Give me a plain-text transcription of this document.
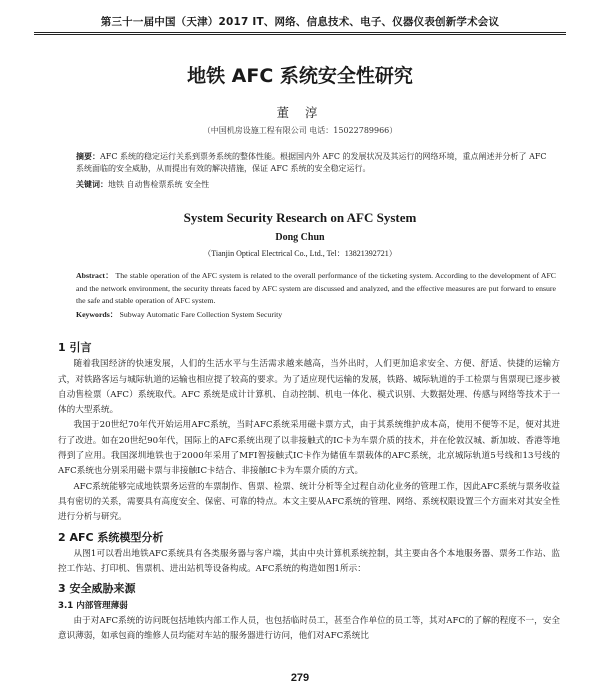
第三十一届中国（天津）2017 IT、网络、信息技术、电子、仪器仪表创新学术会议
地铁 AFC 系统安全性研究
董 淳
（中国机房设施工程有限公司 电话：15022789966）
摘要：AFC 系统的稳定运行关系到票务系统的整体性能。根据国内外 AFC 的发展状况及其运行的网络环境，重点阐述并分析了 AFC 系统面临的安全威胁，从而提出有效的解决措施，保证 AFC 系统的安全稳定运行。
关键词：地铁 自动售检票系统 安全性
System Security Research on AFC System
Dong Chun
（Tianjin Optical Electrical Co., Ltd., Tel：13821392721）
Abstract： The stable operation of the AFC system is related to the overall performance of the ticketing system. According to the development of AFC and the network environment, the security threats faced by AFC system are discussed and analyzed, and the effective measures are put forward to ensure the safe and stable operation of AFC system.
Keywords： Subway Automatic Fare Collection System Security
1 引言

随着我国经济的快速发展，人们的生活水平与生活需求越来越高，当外出时，人们更加追求安全、方便、舒适、快捷的运输方式，对铁路客运与城际轨道的运输也相应提了较高的要求。为了适应现代运输的发展，铁路、城际轨道的手工检票与售票现已逐步被自动售检票（AFC）系统取代。AFC 系统是成计计算机、自动控制、机电一体化、模式识别、大数据处理、传感与网络等技术于一体的大型系统。

我国于20世纪70年代开始运用AFC系统，当时AFC系统采用磁卡票方式，由于其系统维护成本高，使用不便等不足，便对其进行了改进。如在20世纪90年代，国际上的AFC系统出现了以非接触式的IC卡为车票介质的技术，并在伦敦汉城、新加坡、香港等地得到了应用。我国深圳地铁也于2000年采用了MFI智接触式IC卡作为储值车票载体的AFC系统，北京城际轨道5号线和13号线的AFC系统也分别采用磁卡票与非接触IC卡结合、非接触IC卡为车票介质的方式。

AFC系统能够完成地铁票务运营的车票制作、售票、检票、统计分析等全过程自动化业务的管理工作，因此AFC系统与票务收益具有密切的关系，需要具有高度安全、保密、可靠的特点。本文主要从AFC系统的管理、网络、系统权限设置三个方面来对其安全性进行分析与研究。

2 AFC 系统模型分析

从图1可以看出地铁AFC系统具有各类服务器与客户端，其由中央计算机系统控制，其主要由各个本地服务器、票务工作站、监控工作站、打印机、售票机、进出站机等设备构成。AFC系统的构造如图1所示：

3 安全威胁来源
3.1 内部管理薄弱

由于对AFC系统的访问既包括地铁内部工作人员，也包括临时员工，甚至合作单位的员工等，其对AFC的了解的程度不一，安全意识薄弱，如承包商的维修人员均能对车站的服务器进行访问，他们对AFC系统比

279
